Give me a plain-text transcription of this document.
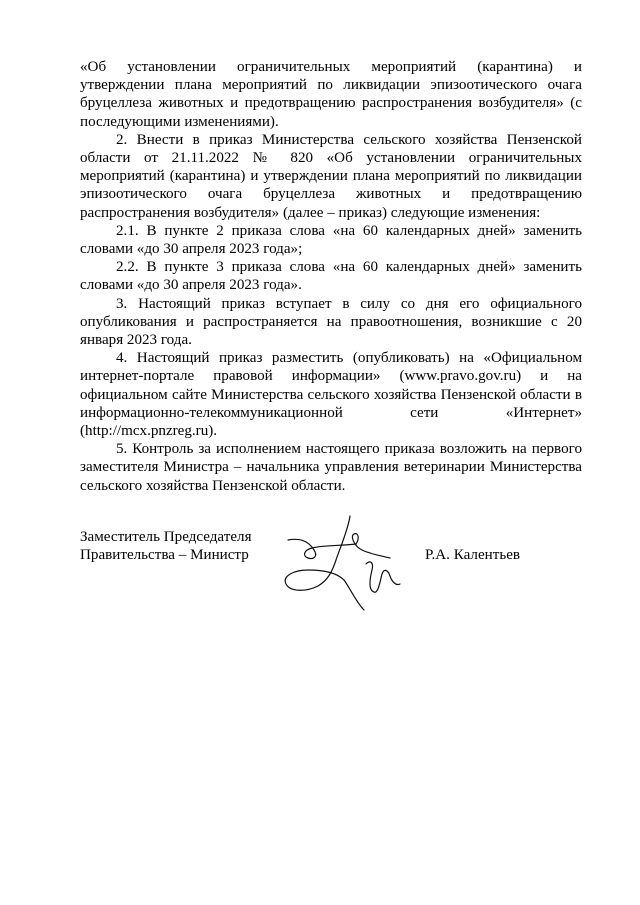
«Об установлении ограничительных мероприятий (карантина) и утверждении плана мероприятий по ликвидации эпизоотического очага бруцеллеза животных и предотвращению распространения возбудителя» (с последующими изменениями).

2. Внести в приказ Министерства сельского хозяйства Пензенской области от 21.11.2022 № 820 «Об установлении ограничительных мероприятий (карантина) и утверждении плана мероприятий по ликвидации эпизоотического очага бруцеллеза животных и предотвращению распространения возбудителя» (далее – приказ) следующие изменения:

2.1. В пункте 2 приказа слова «на 60 календарных дней» заменить словами «до 30 апреля 2023 года»;

2.2. В пункте 3 приказа слова «на 60 календарных дней» заменить словами «до 30 апреля 2023 года».

3. Настоящий приказ вступает в силу со дня его официального опубликования и распространяется на правоотношения, возникшие с 20 января 2023 года.

4. Настоящий приказ разместить (опубликовать) на «Официальном интернет-портале правовой информации» (www.pravo.gov.ru) и на официальном сайте Министерства сельского хозяйства Пензенской области в информационно-телекоммуникационной сети «Интернет» (http://mcx.pnzreg.ru).

5. Контроль за исполнением настоящего приказа возложить на первого заместителя Министра – начальника управления ветеринарии Министерства сельского хозяйства Пензенской области.

Заместитель Председателя
Правительства – Министр	Р.А. Калентьев
